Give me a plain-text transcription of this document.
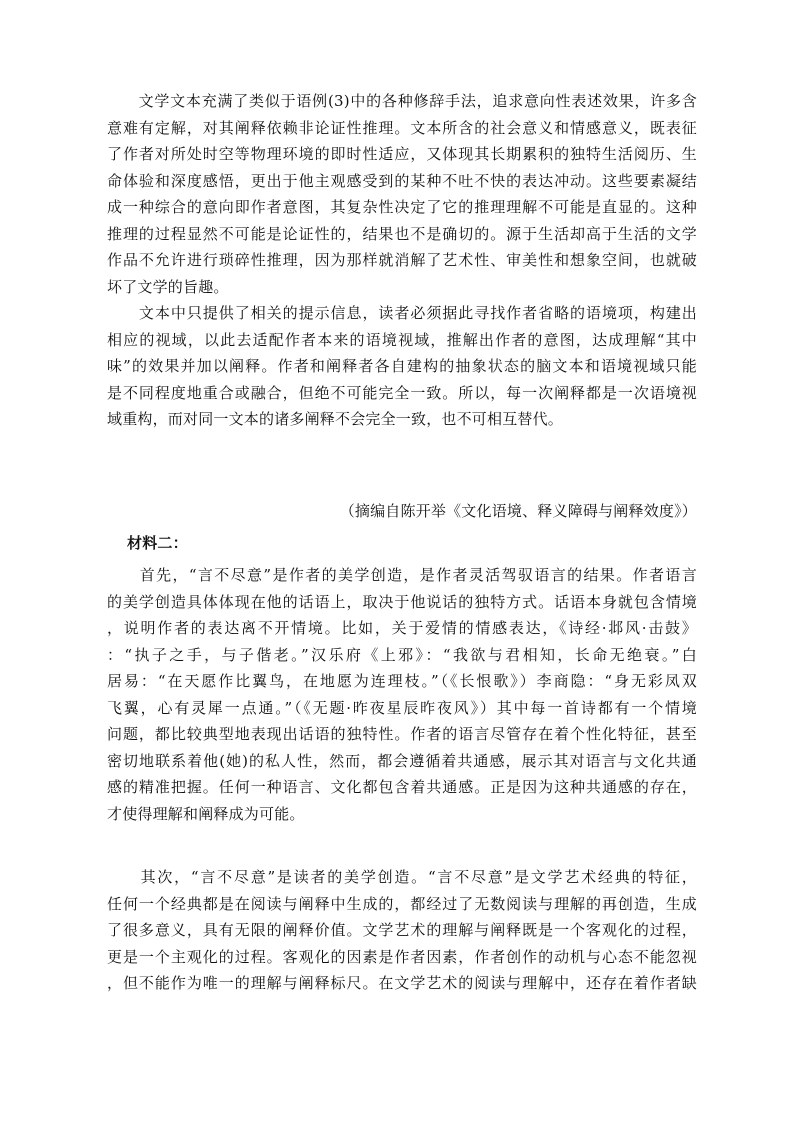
　　文学文本充满了类似于语例(3)中的各种修辞手法，追求意向性表述效果，许多含
意难有定解，对其阐释依赖非论证性推理。文本所含的社会意义和情感意义，既表征
了作者对所处时空等物理环境的即时性适应，又体现其长期累积的独特生活阅历、生
命体验和深度感悟，更出于他主观感受到的某种不吐不快的表达冲动。这些要素凝结
成一种综合的意向即作者意图，其复杂性决定了它的推理理解不可能是直显的。这种
推理的过程显然不可能是论证性的，结果也不是确切的。源于生活却高于生活的文学
作品不允许进行琐碎性推理，因为那样就消解了艺术性、审美性和想象空间，也就破
坏了文学的旨趣。
　　文本中只提供了相关的提示信息，读者必须据此寻找作者省略的语境项，构建出
相应的视域，以此去适配作者本来的语境视域，推解出作者的意图，达成理解“其中
味”的效果并加以阐释。作者和阐释者各自建构的抽象状态的脑文本和语境视域只能
是不同程度地重合或融合，但绝不可能完全一致。所以，每一次阐释都是一次语境视
域重构，而对同一文本的诸多阐释不会完全一致，也不可相互替代。
（摘编自陈开举《文化语境、释义障碍与阐释效度》）
材料二：
　　首先，“言不尽意”是作者的美学创造，是作者灵活驾驭语言的结果。作者语言
的美学创造具体体现在他的话语上，取决于他说话的独特方式。话语本身就包含情境
，说明作者的表达离不开情境。比如，关于爱情的情感表达，《诗经·邶风·击鼓》
：“执子之手，与子偕老。”汉乐府《上邪》：“我欲与君相知，长命无绝衰。”白
居易：“在天愿作比翼鸟，在地愿为连理枝。”（《长恨歌》）李商隐：“身无彩凤双
飞翼，心有灵犀一点通。”（《无题·昨夜星辰昨夜风》）其中每一首诗都有一个情境
问题，都比较典型地表现出话语的独特性。作者的语言尽管存在着个性化特征，甚至
密切地联系着他(她)的私人性，然而，都会遵循着共通感，展示其对语言与文化共通
感的精准把握。任何一种语言、文化都包含着共通感。正是因为这种共通感的存在，
才使得理解和阐释成为可能。
　　其次，“言不尽意”是读者的美学创造。“言不尽意”是文学艺术经典的特征，
任何一个经典都是在阅读与阐释中生成的，都经过了无数阅读与理解的再创造，生成
了很多意义，具有无限的阐释价值。文学艺术的理解与阐释既是一个客观化的过程，
更是一个主观化的过程。客观化的因素是作者因素，作者创作的动机与心态不能忽视
，但不能作为唯一的理解与阐释标尺。在文学艺术的阅读与理解中，还存在着作者缺
